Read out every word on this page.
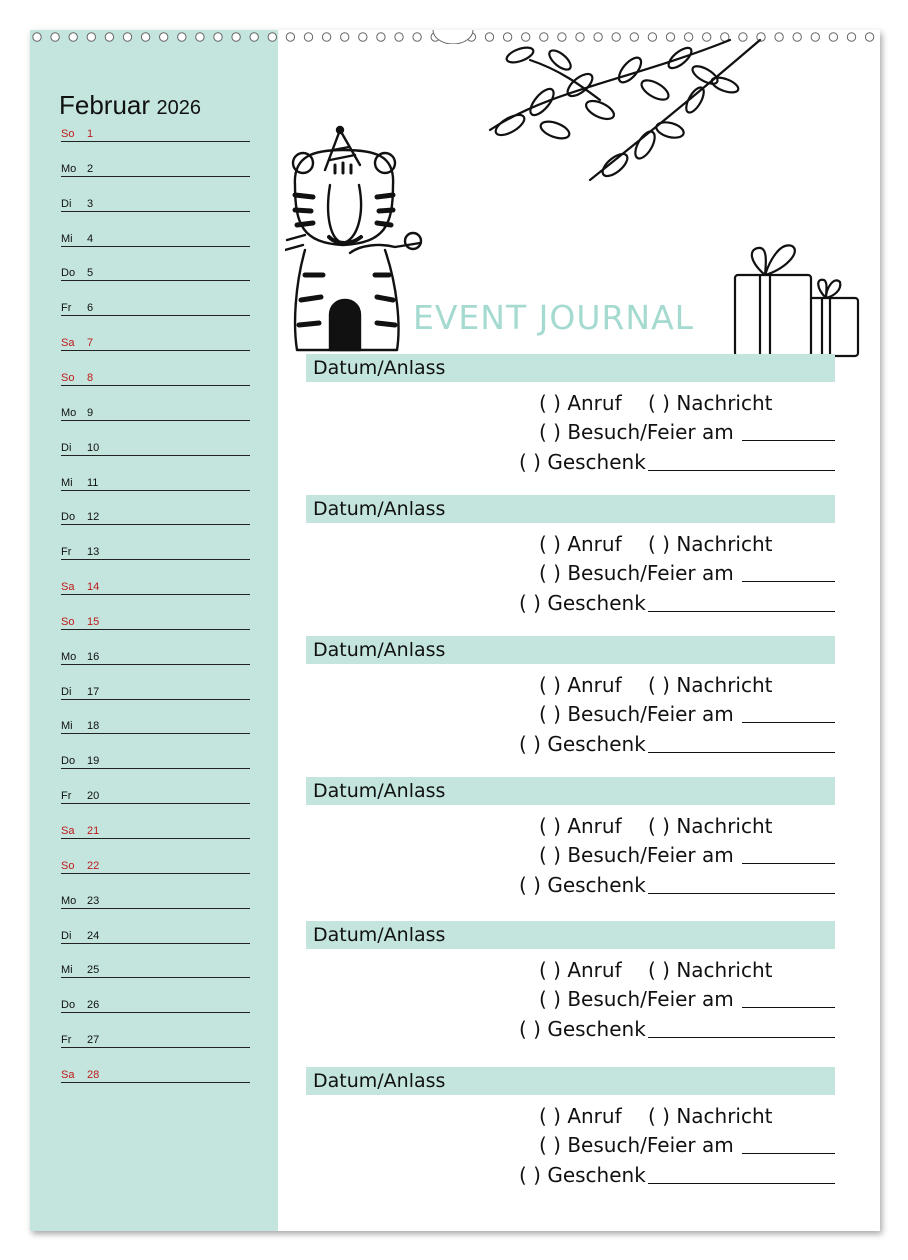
Februar 2026
So 1
Mo 2
Di 3
Mi 4
Do 5
Fr 6
Sa 7
So 8
Mo 9
Di 10
Mi 11
Do 12
Fr 13
Sa 14
So 15
Mo 16
Di 17
Mi 18
Do 19
Fr 20
Sa 21
So 22
Mo 23
Di 24
Mi 25
Do 26
Fr 27
Sa 28
EVENT JOURNAL
Datum/Anlass
( ) Anruf ( ) Nachricht
( ) Besuch/Feier am
( ) Geschenk
Datum/Anlass
( ) Anruf ( ) Nachricht
( ) Besuch/Feier am
( ) Geschenk
Datum/Anlass
( ) Anruf ( ) Nachricht
( ) Besuch/Feier am
( ) Geschenk
Datum/Anlass
( ) Anruf ( ) Nachricht
( ) Besuch/Feier am
( ) Geschenk
Datum/Anlass
( ) Anruf ( ) Nachricht
( ) Besuch/Feier am
( ) Geschenk
Datum/Anlass
( ) Anruf ( ) Nachricht
( ) Besuch/Feier am
( ) Geschenk
